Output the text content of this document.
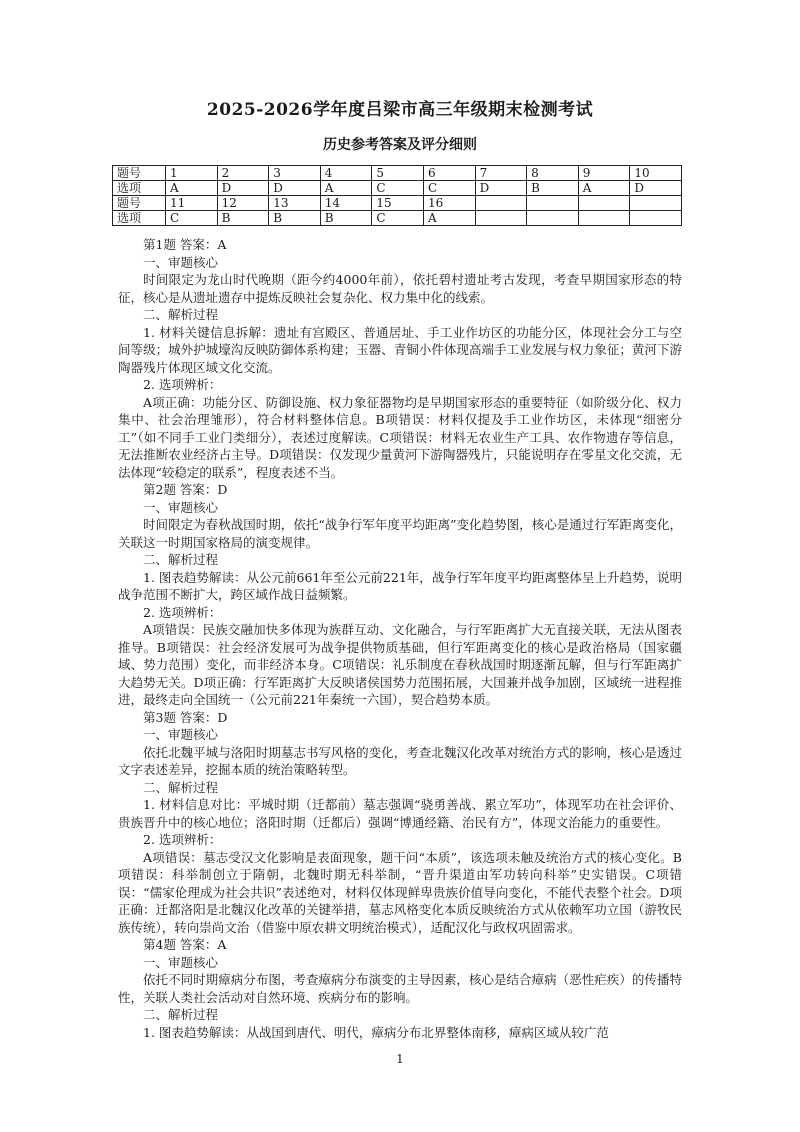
2025-2026学年度吕梁市高三年级期末检测考试
历史参考答案及评分细则
题号	1	2	3	4	5	6	7	8	9	10
选项	A	D	D	A	C	C	D	B	A	D
题号	11	12	13	14	15	16				
选项	C	B	B	B	C	A				

第1题 答案：A

一、审题核心

时间限定为龙山时代晚期（距今约4000年前），依托碧村遗址考古发现，考查早期国家形态的特征，核心是从遗址遗存中提炼反映社会复杂化、权力集中化的线索。

二、解析过程

1. 材料关键信息拆解：遗址有宫殿区、普通居址、手工业作坊区的功能分区，体现社会分工与空间等级；城外护城壕沟反映防御体系构建；玉器、青铜小件体现高端手工业发展与权力象征；黄河下游陶器残片体现区域文化交流。

2. 选项辨析：

A项正确：功能分区、防御设施、权力象征器物均是早期国家形态的重要特征（如阶级分化、权力集中、社会治理雏形），符合材料整体信息。B项错误：材料仅提及手工业作坊区，未体现“细密分工”（如不同手工业门类细分），表述过度解读。C项错误：材料无农业生产工具、农作物遗存等信息，无法推断农业经济占主导。D项错误：仅发现少量黄河下游陶器残片，只能说明存在零星文化交流，无法体现“较稳定的联系”，程度表述不当。

第2题 答案：D

一、审题核心

时间限定为春秋战国时期，依托“战争行军年度平均距离”变化趋势图，核心是通过行军距离变化，关联这一时期国家格局的演变规律。

二、解析过程

1. 图表趋势解读：从公元前661年至公元前221年，战争行军年度平均距离整体呈上升趋势，说明战争范围不断扩大，跨区域作战日益频繁。

2. 选项辨析：

A项错误：民族交融加快多体现为族群互动、文化融合，与行军距离扩大无直接关联，无法从图表推导。B项错误：社会经济发展可为战争提供物质基础，但行军距离变化的核心是政治格局（国家疆域、势力范围）变化，而非经济本身。C项错误：礼乐制度在春秋战国时期逐渐瓦解，但与行军距离扩大趋势无关。D项正确：行军距离扩大反映诸侯国势力范围拓展，大国兼并战争加剧，区域统一进程推进，最终走向全国统一（公元前221年秦统一六国），契合趋势本质。

第3题 答案：D

一、审题核心

依托北魏平城与洛阳时期墓志书写风格的变化，考查北魏汉化改革对统治方式的影响，核心是透过文字表述差异，挖掘本质的统治策略转型。

二、解析过程

1. 材料信息对比：平城时期（迁都前）墓志强调“骁勇善战、累立军功”，体现军功在社会评价、贵族晋升中的核心地位；洛阳时期（迁都后）强调“博通经籍、治民有方”，体现文治能力的重要性。

2. 选项辨析：

A项错误：墓志受汉文化影响是表面现象，题干问“本质”，该选项未触及统治方式的核心变化。B项错误：科举制创立于隋朝，北魏时期无科举制，“晋升渠道由军功转向科举”史实错误。C项错误：“儒家伦理成为社会共识”表述绝对，材料仅体现鲜卑贵族价值导向变化，不能代表整个社会。D项正确：迁都洛阳是北魏汉化改革的关键举措，墓志风格变化本质反映统治方式从依赖军功立国（游牧民族传统），转向崇尚文治（借鉴中原农耕文明统治模式），适配汉化与政权巩固需求。

第4题 答案：A

一、审题核心

依托不同时期瘴病分布图，考查瘴病分布演变的主导因素，核心是结合瘴病（恶性疟疾）的传播特性，关联人类社会活动对自然环境、疾病分布的影响。

二、解析过程

1. 图表趋势解读：从战国到唐代、明代，瘴病分布北界整体南移，瘴病区域从较广范

1
